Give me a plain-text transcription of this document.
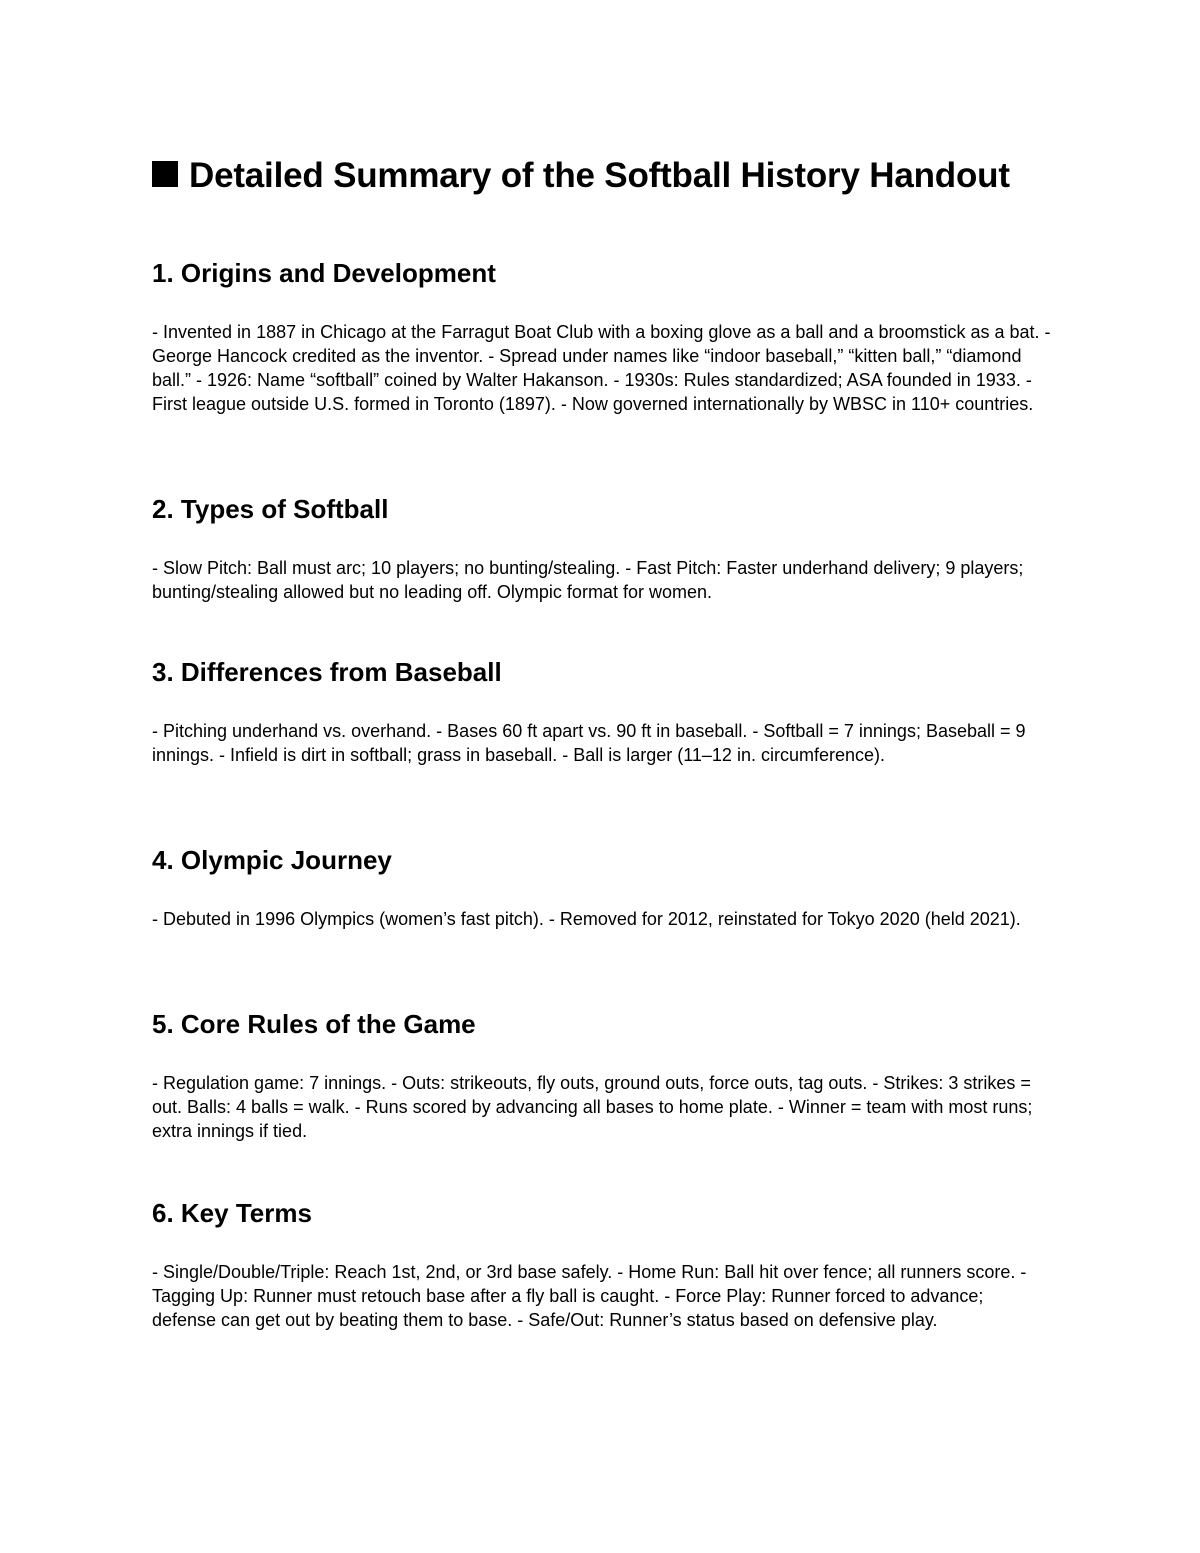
Detailed Summary of the Softball History Handout
1. Origins and Development

- Invented in 1887 in Chicago at the Farragut Boat Club with a boxing glove as a ball and a broomstick as a bat. - George Hancock credited as the inventor. - Spread under names like “indoor baseball,” “kitten ball,” “diamond ball.” - 1926: Name “softball” coined by Walter Hakanson. - 1930s: Rules standardized; ASA founded in 1933. - First league outside U.S. formed in Toronto (1897). - Now governed internationally by WBSC in 110+ countries.

2. Types of Softball

- Slow Pitch: Ball must arc; 10 players; no bunting/stealing. - Fast Pitch: Faster underhand delivery; 9 players; bunting/stealing allowed but no leading off. Olympic format for women.

3. Differences from Baseball

- Pitching underhand vs. overhand. - Bases 60 ft apart vs. 90 ft in baseball. - Softball = 7 innings; Baseball = 9 innings. - Infield is dirt in softball; grass in baseball. - Ball is larger (11–12 in. circumference).

4. Olympic Journey

- Debuted in 1996 Olympics (women’s fast pitch). - Removed for 2012, reinstated for Tokyo 2020 (held 2021).

5. Core Rules of the Game

- Regulation game: 7 innings. - Outs: strikeouts, fly outs, ground outs, force outs, tag outs. - Strikes: 3 strikes = out. Balls: 4 balls = walk. - Runs scored by advancing all bases to home plate. - Winner = team with most runs; extra innings if tied.

6. Key Terms

- Single/Double/Triple: Reach 1st, 2nd, or 3rd base safely. - Home Run: Ball hit over fence; all runners score. - Tagging Up: Runner must retouch base after a fly ball is caught. - Force Play: Runner forced to advance; defense can get out by beating them to base. - Safe/Out: Runner’s status based on defensive play.
